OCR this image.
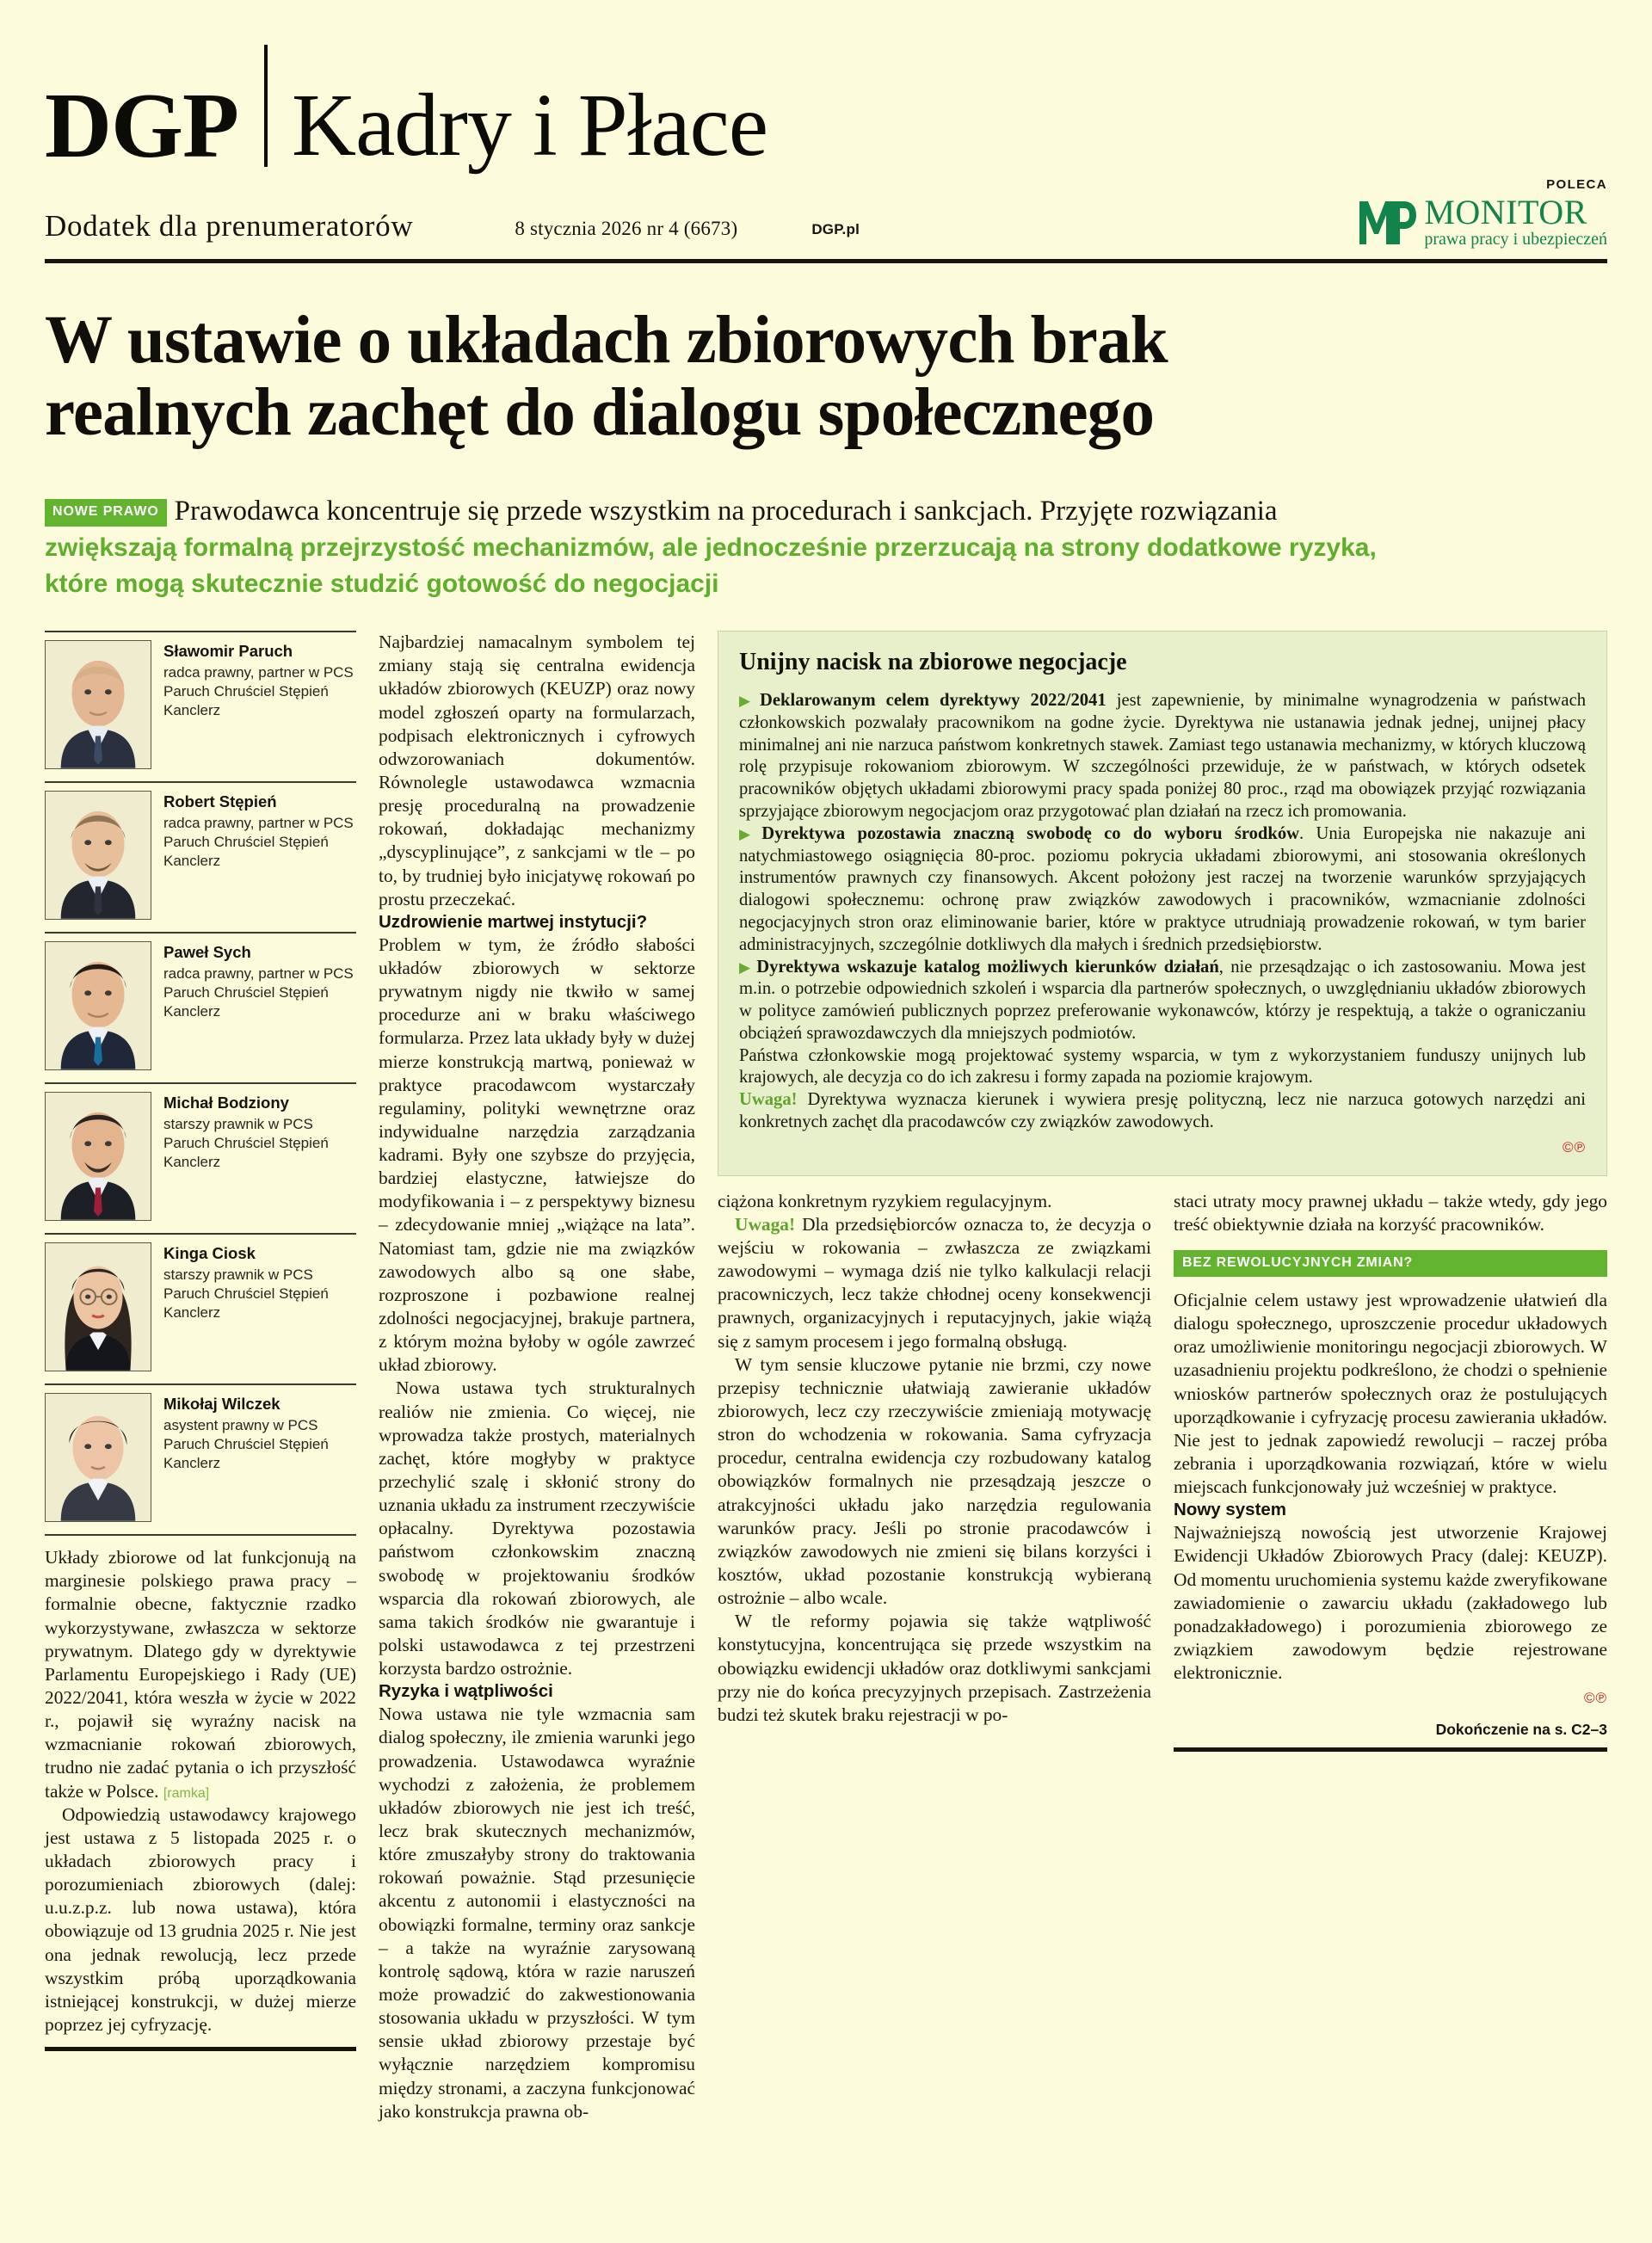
DGP Kadry i Płace
Dodatek dla prenumeratorów	8 stycznia 2026 nr 4 (6673)	DGP.pl
POLECA
MONITOR
prawa pracy i ubezpieczeń
W ustawie o układach zbiorowych brak
realnych zachęt do dialogu społecznego
NOWE PRAWO Prawodawca koncentruje się przede wszystkim na procedurach i sankcjach. Przyjęte rozwiązania zwiększają formalną przejrzystość mechanizmów, ale jednocześnie przerzucają na strony dodatkowe ryzyka, które mogą skutecznie studzić gotowość do negocjacji
Sławomir Paruch
radca prawny, partner w PCS
Paruch Chruściel Stępień
Kanclerz
Robert Stępień
radca prawny, partner w PCS
Paruch Chruściel Stępień
Kanclerz
Paweł Sych
radca prawny, partner w PCS
Paruch Chruściel Stępień
Kanclerz
Michał Bodziony
starszy prawnik w PCS
Paruch Chruściel Stępień
Kanclerz
Kinga Ciosk
starszy prawnik w PCS
Paruch Chruściel Stępień
Kanclerz
Mikołaj Wilczek
asystent prawny w PCS
Paruch Chruściel Stępień
Kanclerz

Układy zbiorowe od lat funkcjonują na marginesie polskiego prawa pracy – formalnie obecne, faktycznie rzadko wykorzystywane, zwłaszcza w sektorze prywatnym. Dlatego gdy w dyrektywie Parlamentu Europejskiego i Rady (UE) 2022/2041, która weszła w życie w 2022 r., pojawił się wyraźny nacisk na wzmacnianie rokowań zbiorowych, trudno nie zadać pytania o ich przyszłość także w Polsce. [ramka]

Odpowiedzią ustawodawcy krajowego jest ustawa z 5 listopada 2025 r. o układach zbiorowych pracy i porozumieniach zbiorowych (dalej: u.u.z.p.z. lub nowa ustawa), która obowiązuje od 13 grudnia 2025 r. Nie jest ona jednak rewolucją, lecz przede wszystkim próbą uporządkowania istniejącej konstrukcji, w dużej mierze poprzez jej cyfryzację.

Najbardziej namacalnym symbolem tej zmiany stają się centralna ewidencja układów zbiorowych (KEUZP) oraz nowy model zgłoszeń oparty na formularzach, podpisach elektronicznych i cyfrowych odwzorowaniach dokumentów. Równolegle ustawodawca wzmacnia presję proceduralną na prowadzenie rokowań, dokładając mechanizmy „dyscyplinujące”, z sankcjami w tle – po to, by trudniej było inicjatywę rokowań po prostu przeczekać.

Uzdrowienie martwej instytucji?

Problem w tym, że źródło słabości układów zbiorowych w sektorze prywatnym nigdy nie tkwiło w samej procedurze ani w braku właściwego formularza. Przez lata układy były w dużej mierze konstrukcją martwą, ponieważ w praktyce pracodawcom wystarczały regulaminy, polityki wewnętrzne oraz indywidualne narzędzia zarządzania kadrami. Były one szybsze do przyjęcia, bardziej elastyczne, łatwiejsze do modyfikowania i – z perspektywy biznesu – zdecydowanie mniej „wiążące na lata”. Natomiast tam, gdzie nie ma związków zawodowych albo są one słabe, rozproszone i pozbawione realnej zdolności negocjacyjnej, brakuje partnera, z którym można byłoby w ogóle zawrzeć układ zbiorowy.

Nowa ustawa tych strukturalnych realiów nie zmienia. Co więcej, nie wprowadza także prostych, materialnych zachęt, które mogłyby w praktyce przechylić szalę i skłonić strony do uznania układu za instrument rzeczywiście opłacalny. Dyrektywa pozostawia państwom członkowskim znaczną swobodę w projektowaniu środków wsparcia dla rokowań zbiorowych, ale sama takich środków nie gwarantuje i polski ustawodawca z tej przestrzeni korzysta bardzo ostrożnie.

Ryzyka i wątpliwości

Nowa ustawa nie tyle wzmacnia sam dialog społeczny, ile zmienia warunki jego prowadzenia. Ustawodawca wyraźnie wychodzi z założenia, że problemem układów zbiorowych nie jest ich treść, lecz brak skutecznych mechanizmów, które zmuszałyby strony do traktowania rokowań poważnie. Stąd przesunięcie akcentu z autonomii i elastyczności na obowiązki formalne, terminy oraz sankcje – a także na wyraźnie zarysowaną kontrolę sądową, która w razie naruszeń może prowadzić do zakwestionowania stosowania układu w przyszłości. W tym sensie układ zbiorowy przestaje być wyłącznie narzędziem kompromisu między stronami, a zaczyna funkcjonować jako konstrukcja prawna ob-

Unijny nacisk na zbiorowe negocjacje

▶ Deklarowanym celem dyrektywy 2022/2041 jest zapewnienie, by minimalne wynagrodzenia w państwach członkowskich pozwalały pracownikom na godne życie. Dyrektywa nie ustanawia jednak jednej, unijnej płacy minimalnej ani nie narzuca państwom konkretnych stawek. Zamiast tego ustanawia mechanizmy, w których kluczową rolę przypisuje rokowaniom zbiorowym. W szczególności przewiduje, że w państwach, w których odsetek pracowników objętych układami zbiorowymi pracy spada poniżej 80 proc., rząd ma obowiązek przyjąć rozwiązania sprzyjające zbiorowym negocjacjom oraz przygotować plan działań na rzecz ich promowania.

▶ Dyrektywa pozostawia znaczną swobodę co do wyboru środków. Unia Europejska nie nakazuje ani natychmiastowego osiągnięcia 80-proc. poziomu pokrycia układami zbiorowymi, ani stosowania określonych instrumentów prawnych czy finansowych. Akcent położony jest raczej na tworzenie warunków sprzyjających dialogowi społecznemu: ochronę praw związków zawodowych i pracowników, wzmacnianie zdolności negocjacyjnych stron oraz eliminowanie barier, które w praktyce utrudniają prowadzenie rokowań, w tym barier administracyjnych, szczególnie dotkliwych dla małych i średnich przedsiębiorstw.

▶ Dyrektywa wskazuje katalog możliwych kierunków działań, nie przesądzając o ich zastosowaniu. Mowa jest m.in. o potrzebie odpowiednich szkoleń i wsparcia dla partnerów społecznych, o uwzględnianiu układów zbiorowych w polityce zamówień publicznych poprzez preferowanie wykonawców, którzy je respektują, a także o ograniczaniu obciążeń sprawozdawczych dla mniejszych podmiotów.

Państwa członkowskie mogą projektować systemy wsparcia, w tym z wykorzystaniem funduszy unijnych lub krajowych, ale decyzja co do ich zakresu i formy zapada na poziomie krajowym.

Uwaga! Dyrektywa wyznacza kierunek i wywiera presję polityczną, lecz nie narzuca gotowych narzędzi ani konkretnych zachęt dla pracodawców czy związków zawodowych.

©℗

ciążona konkretnym ryzykiem regulacyjnym.

Uwaga! Dla przedsiębiorców oznacza to, że decyzja o wejściu w rokowania – zwłaszcza ze związkami zawodowymi – wymaga dziś nie tylko kalkulacji relacji pracowniczych, lecz także chłodnej oceny konsekwencji prawnych, organizacyjnych i reputacyjnych, jakie wiążą się z samym procesem i jego formalną obsługą.

W tym sensie kluczowe pytanie nie brzmi, czy nowe przepisy technicznie ułatwiają zawieranie układów zbiorowych, lecz czy rzeczywiście zmieniają motywację stron do wchodzenia w rokowania. Sama cyfryzacja procedur, centralna ewidencja czy rozbudowany katalog obowiązków formalnych nie przesądzają jeszcze o atrakcyjności układu jako narzędzia regulowania warunków pracy. Jeśli po stronie pracodawców i związków zawodowych nie zmieni się bilans korzyści i kosztów, układ pozostanie konstrukcją wybieraną ostrożnie – albo wcale.

W tle reformy pojawia się także wątpliwość konstytucyjna, koncentrująca się przede wszystkim na obowiązku ewidencji układów oraz dotkliwymi sankcjami przy nie do końca precyzyjnych przepisach. Zastrzeżenia budzi też skutek braku rejestracji w po-

staci utraty mocy prawnej układu – także wtedy, gdy jego treść obiektywnie działa na korzyść pracowników.

BEZ REWOLUCYJNYCH ZMIAN?

Oficjalnie celem ustawy jest wprowadzenie ułatwień dla dialogu społecznego, uproszczenie procedur układowych oraz umożliwienie monitoringu negocjacji zbiorowych. W uzasadnieniu projektu podkreślono, że chodzi o spełnienie wniosków partnerów społecznych oraz że postulujących uporządkowanie i cyfryzację procesu zawierania układów. Nie jest to jednak zapowiedź rewolucji – raczej próba zebrania i uporządkowania rozwiązań, które w wielu miejscach funkcjonowały już wcześniej w praktyce.

Nowy system

Najważniejszą nowością jest utworzenie Krajowej Ewidencji Układów Zbiorowych Pracy (dalej: KEUZP). Od momentu uruchomienia systemu każde zweryfikowane zawiadomienie o zawarciu układu (zakładowego lub ponadzakładowego) i porozumienia zbiorowego ze związkiem zawodowym będzie rejestrowane elektronicznie.

©℗
Dokończenie na s. C2–3
